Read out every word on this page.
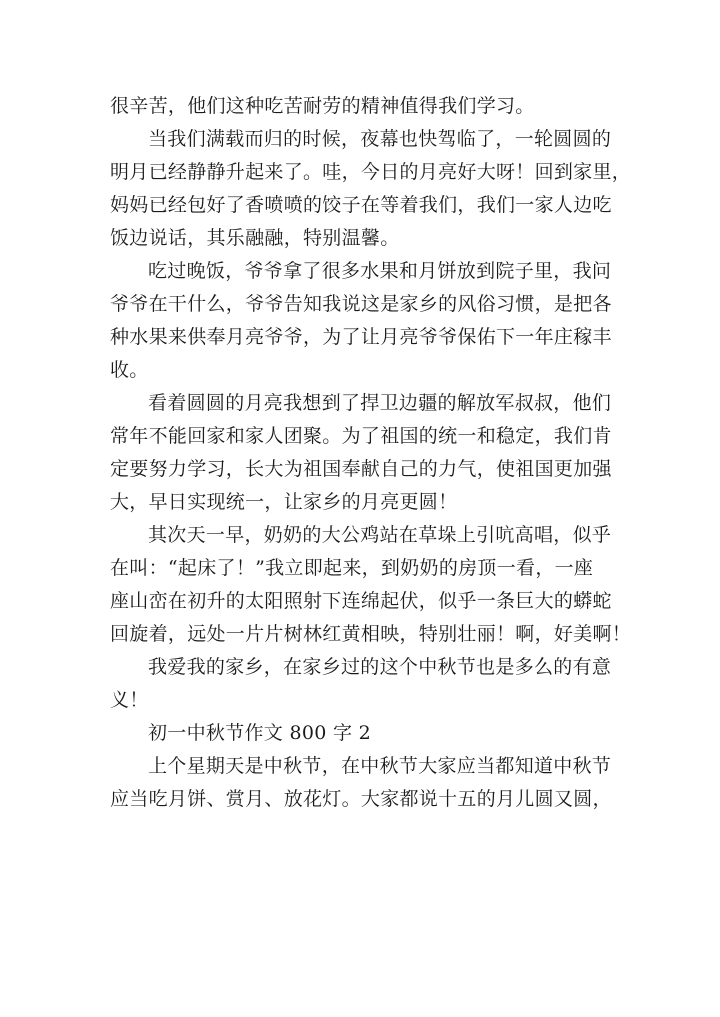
很辛苦，他们这种吃苦耐劳的精神值得我们学习。
当我们满载而归的时候，夜幕也快驾临了，一轮圆圆的
明月已经静静升起来了。哇，今日的月亮好大呀！回到家里，
妈妈已经包好了香喷喷的饺子在等着我们，我们一家人边吃
饭边说话，其乐融融，特别温馨。
吃过晚饭，爷爷拿了很多水果和月饼放到院子里，我问
爷爷在干什么，爷爷告知我说这是家乡的风俗习惯，是把各
种水果来供奉月亮爷爷，为了让月亮爷爷保佑下一年庄稼丰
收。
看着圆圆的月亮我想到了捍卫边疆的解放军叔叔，他们
常年不能回家和家人团聚。为了祖国的统一和稳定，我们肯
定要努力学习，长大为祖国奉献自己的力气，使祖国更加强
大，早日实现统一，让家乡的月亮更圆！
其次天一早，奶奶的大公鸡站在草垛上引吭高唱，似乎
在叫：“起床了！”我立即起来，到奶奶的房顶一看，一座
座山峦在初升的太阳照射下连绵起伏，似乎一条巨大的蟒蛇
回旋着，远处一片片树林红黄相映，特别壮丽！啊，好美啊！
我爱我的家乡，在家乡过的这个中秋节也是多么的有意
义！
初一中秋节作文 800 字 2
上个星期天是中秋节，在中秋节大家应当都知道中秋节
应当吃月饼、赏月、放花灯。大家都说十五的月儿圆又圆，
